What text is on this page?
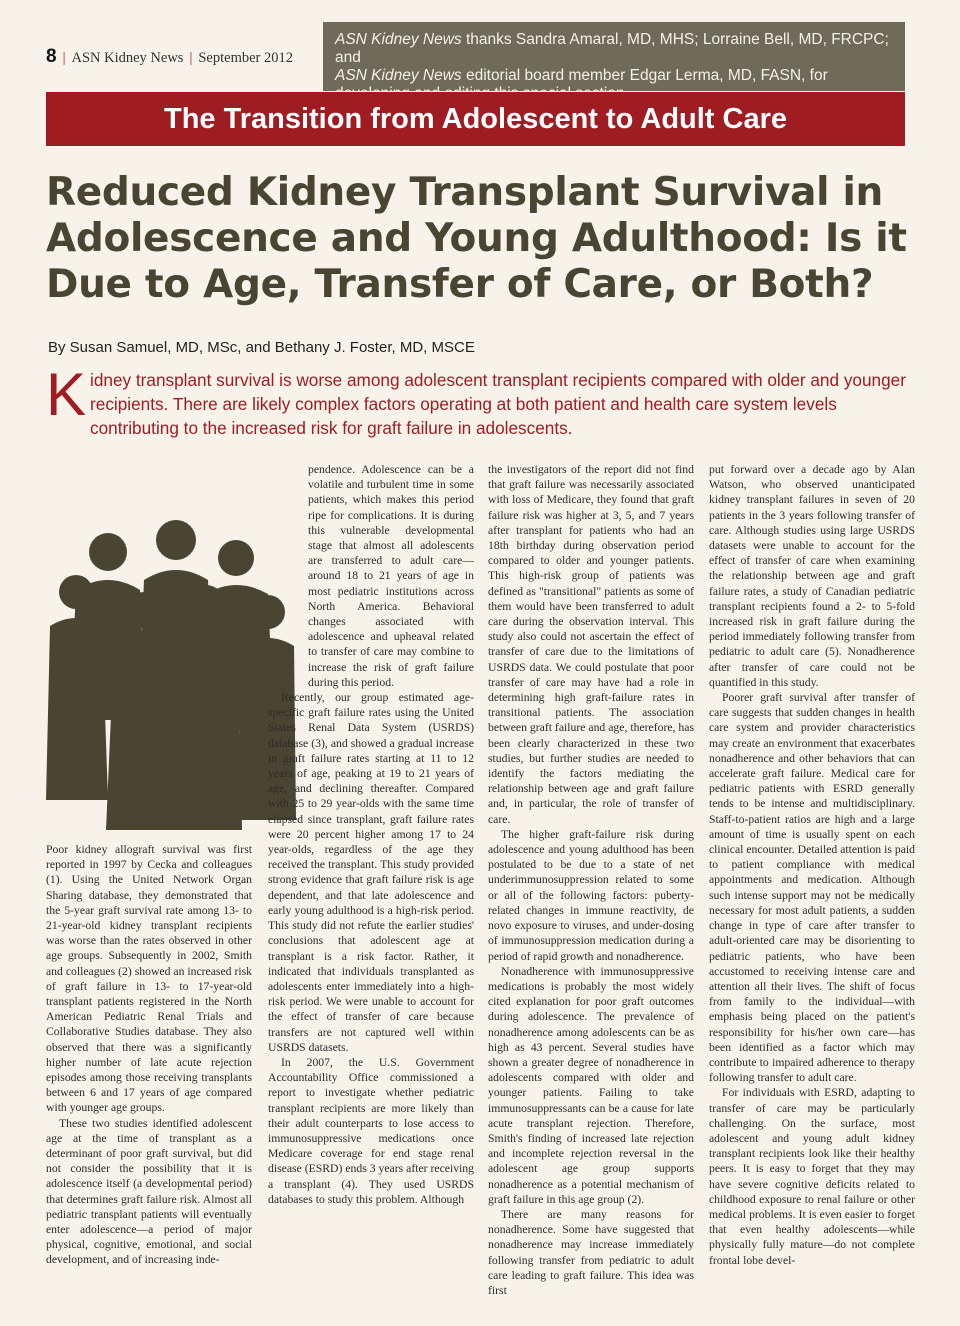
8 | ASN Kidney News | September 2012
ASN Kidney News thanks Sandra Amaral, MD, MHS; Lorraine Bell, MD, FRCPC; and
ASN Kidney News editorial board member Edgar Lerma, MD, FASN, for
The Transition from Adolescent to Adult Care
Reduced Kidney Transplant Survival in Adolescence and Young Adulthood: Is it Due to Age, Transfer of Care, or Both?
By Susan Samuel, MD, MSc, and Bethany J. Foster, MD, MSCE

Kidney transplant survival is worse among adolescent transplant recipients compared with older and younger recipients. There are likely complex factors operating at both patient and health care system levels contributing to the increased risk for graft failure in adolescents.

Poor kidney allograft survival was first reported in 1997 by Cecka and colleagues (1). Using the United Network Organ Sharing database, they demonstrated that the 5-year graft survival rate among 13- to 21-year-old kidney transplant recipients was worse than the rates observed in other age groups. Subsequently in 2002, Smith and colleagues (2) showed an increased risk of graft failure in 13- to 17-year-old transplant patients registered in the North American Pediatric Renal Trials and Collaborative Studies database. They also observed that there was a significantly higher number of late acute rejection episodes among those receiving transplants between 6 and 17 years of age compared with younger age groups.

These two studies identified adolescent age at the time of transplant as a determinant of poor graft survival, but did not consider the possibility that it is adolescence itself (a developmental period) that determines graft failure risk. Almost all pediatric transplant patients will eventually enter adolescence—a period of major physical, cognitive, emotional, and social development, and of increasing inde-

pendence. Adolescence can be a volatile and turbulent time in some patients, which makes this period ripe for complications. It is during this vulnerable developmental stage that almost all adolescents are transferred to adult care—around 18 to 21 years of age in most pediatric institutions across North America. Behavioral changes associated with adolescence and upheaval related to transfer of care may combine to increase the risk of graft failure during this period.

Recently, our group estimated age-specific graft failure rates using the United States Renal Data System (USRDS) database (3), and showed a gradual increase in graft failure rates starting at 11 to 12 years of age, peaking at 19 to 21 years of age, and declining thereafter. Compared with 25 to 29 year-olds with the same time elapsed since transplant, graft failure rates were 20 percent higher among 17 to 24 year-olds, regardless of the age they received the transplant. This study provided strong evidence that graft failure risk is age dependent, and that late adolescence and early young adulthood is a high-risk period. This study did not refute the earlier studies' conclusions that adolescent age at transplant is a risk factor. Rather, it indicated that individuals transplanted as adolescents enter immediately into a high-risk period. We were unable to account for the effect of transfer of care because transfers are not captured well within USRDS datasets.

In 2007, the U.S. Government Accountability Office commissioned a report to investigate whether pediatric transplant recipients are more likely than their adult counterparts to lose access to immunosuppressive medications once Medicare coverage for end stage renal disease (ESRD) ends 3 years after receiving a transplant (4). They used USRDS databases to study this problem. Although

the investigators of the report did not find that graft failure was necessarily associated with loss of Medicare, they found that graft failure risk was higher at 3, 5, and 7 years after transplant for patients who had an 18th birthday during observation period compared to older and younger patients. This high-risk group of patients was defined as "transitional" patients as some of them would have been transferred to adult care during the observation interval. This study also could not ascertain the effect of transfer of care due to the limitations of USRDS data. We could postulate that poor transfer of care may have had a role in determining high graft-failure rates in transitional patients. The association between graft failure and age, therefore, has been clearly characterized in these two studies, but further studies are needed to identify the factors mediating the relationship between age and graft failure and, in particular, the role of transfer of care.

The higher graft-failure risk during adolescence and young adulthood has been postulated to be due to a state of net underimmunosuppression related to some or all of the following factors: puberty-related changes in immune reactivity, de novo exposure to viruses, and under-dosing of immunosuppression medication during a period of rapid growth and nonadherence.

Nonadherence with immunosuppressive medications is probably the most widely cited explanation for poor graft outcomes during adolescence. The prevalence of nonadherence among adolescents can be as high as 43 percent. Several studies have shown a greater degree of nonadherence in adolescents compared with older and younger patients. Failing to take immunosuppressants can be a cause for late acute transplant rejection. Therefore, Smith's finding of increased late rejection and incomplete rejection reversal in the adolescent age group supports nonadherence as a potential mechanism of graft failure in this age group (2).

There are many reasons for nonadherence. Some have suggested that nonadherence may increase immediately following transfer from pediatric to adult care leading to graft failure. This idea was first

put forward over a decade ago by Alan Watson, who observed unanticipated kidney transplant failures in seven of 20 patients in the 3 years following transfer of care. Although studies using large USRDS datasets were unable to account for the effect of transfer of care when examining the relationship between age and graft failure rates, a study of Canadian pediatric transplant recipients found a 2- to 5-fold increased risk in graft failure during the period immediately following transfer from pediatric to adult care (5). Nonadherence after transfer of care could not be quantified in this study.

Poorer graft survival after transfer of care suggests that sudden changes in health care system and provider characteristics may create an environment that exacerbates nonadherence and other behaviors that can accelerate graft failure. Medical care for pediatric patients with ESRD generally tends to be intense and multidisciplinary. Staff-to-patient ratios are high and a large amount of time is usually spent on each clinical encounter. Detailed attention is paid to patient compliance with medical appointments and medication. Although such intense support may not be medically necessary for most adult patients, a sudden change in type of care after transfer to adult-oriented care may be disorienting to pediatric patients, who have been accustomed to receiving intense care and attention all their lives. The shift of focus from family to the individual—with emphasis being placed on the patient's responsibility for his/her own care—has been identified as a factor which may contribute to impaired adherence to therapy following transfer to adult care.

For individuals with ESRD, adapting to transfer of care may be particularly challenging. On the surface, most adolescent and young adult kidney transplant recipients look like their healthy peers. It is easy to forget that they may have severe cognitive deficits related to childhood exposure to renal failure or other medical problems. It is even easier to forget that even healthy adolescents—while physically fully mature—do not complete frontal lobe devel-
